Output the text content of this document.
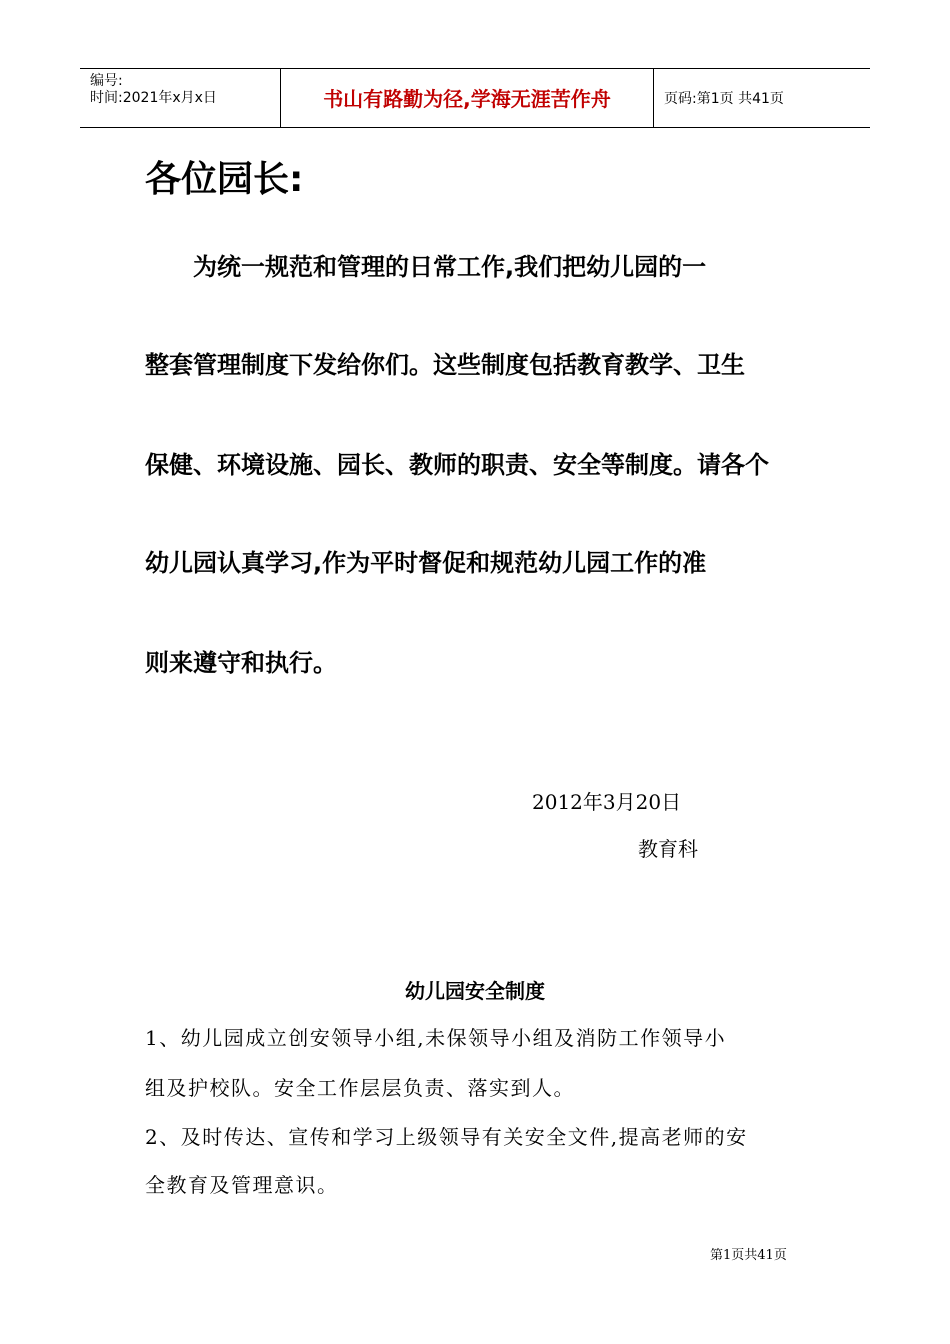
编号:
时间:2021年x月x日	书山有路勤为径,学海无涯苦作舟	页码:第1页 共41页
各位园长:
为统一规范和管理的日常工作,我们把幼儿园的一
整套管理制度下发给你们。这些制度包括教育教学、卫生
保健、环境设施、园长、教师的职责、安全等制度。请各个
幼儿园认真学习,作为平时督促和规范幼儿园工作的准
则来遵守和执行。
2012年3月20日
教育科
幼儿园安全制度
1、幼儿园成立创安领导小组,未保领导小组及消防工作领导小
组及护校队。安全工作层层负责、落实到人。
2、及时传达、宣传和学习上级领导有关安全文件,提高老师的安
全教育及管理意识。
第1页共41页
